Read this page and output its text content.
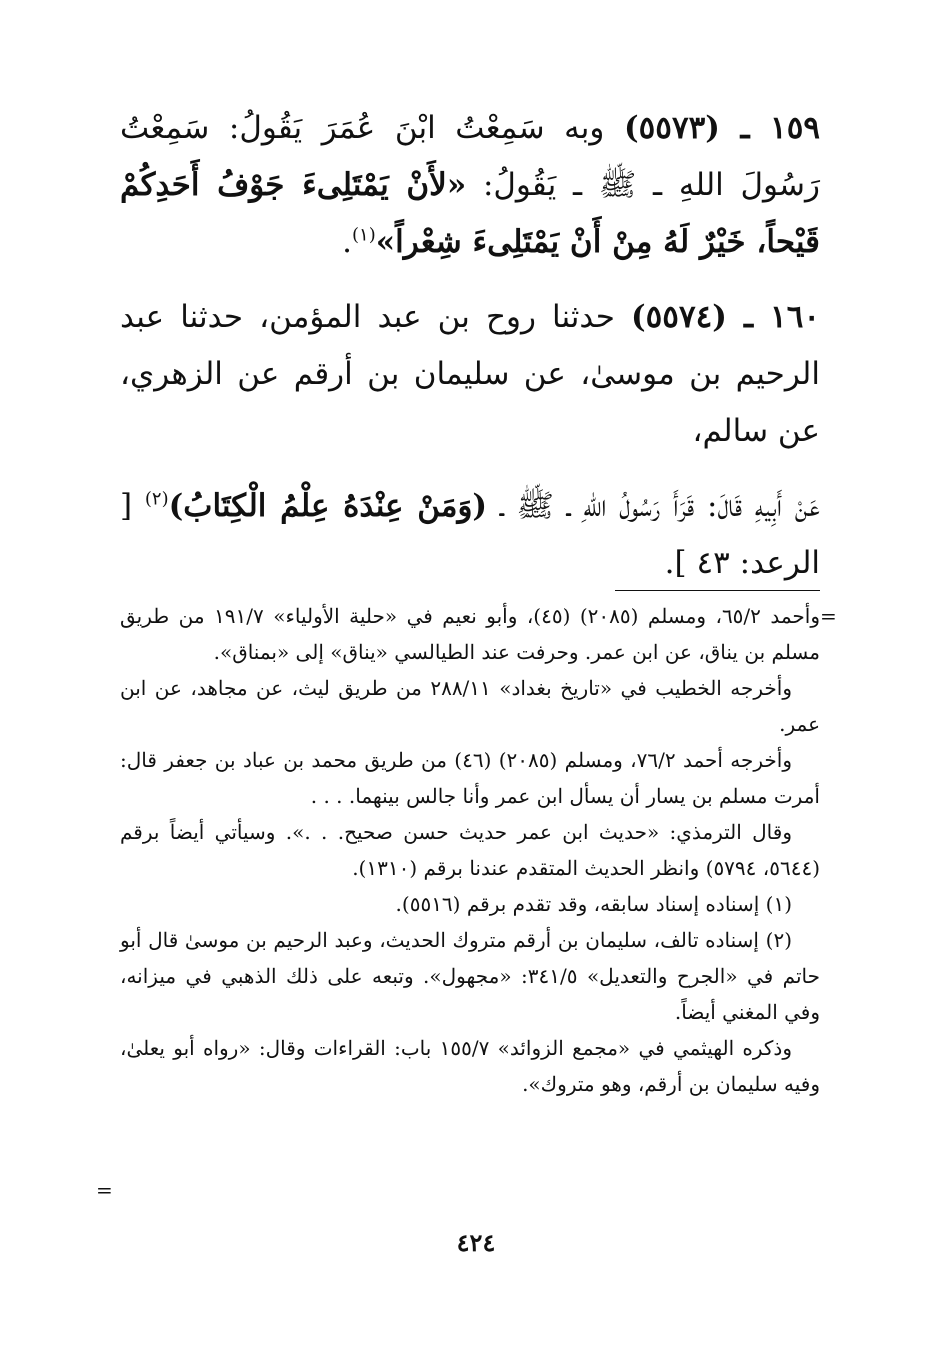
١٥٩ ـ (٥٥٧٣) وبه سَمِعْتُ ابْنَ عُمَرَ يَقُولُ: سَمِعْتُ رَسُولَ اللهِ ـ ﷺ ـ يَقُولُ: «لأَنْ يَمْتَلِىءَ جَوْفُ أَحَدِكُمْ قَيْحاً، خَيْرٌ لَهُ مِنْ أَنْ يَمْتَلِىءَ شِعْراً»$^{(١)}$.

١٦٠ ـ (٥٥٧٤) حدثنا روح بن عبد المؤمن، حدثنا عبد الرحيم بن موسىٰ، عن سليمان بن أرقم عن الزهري، عن سالم،

عَنْ أَبِيهِ قَالَ: قَرَأَ رَسُولُ اللهِ ـ ﷺ ـ (وَمَنْ عِنْدَهُ عِلْمُ الْكِتَابُ)$^{(٢)}$ [ الرعد: ٤٣ ].

=

وأحمد ٦٥/٢، ومسلم (٢٠٨٥) (٤٥)، وأبو نعيم في «حلية الأولياء» ١٩١/٧ من طريق مسلم بن يناق، عن ابن عمر. وحرفت عند الطيالسي «يناق» إلى «بمناق».

وأخرجه الخطيب في «تاريخ بغداد» ٢٨٨/١١ من طريق ليث، عن مجاهد، عن ابن عمر.

وأخرجه أحمد ٧٦/٢، ومسلم (٢٠٨٥) (٤٦) من طريق محمد بن عباد بن جعفر قال: أمرت مسلم بن يسار أن يسأل ابن عمر وأنا جالس بينهما. . . .

وقال الترمذي: «حديث ابن عمر حديث حسن صحيح. . .». وسيأتي أيضاً برقم (٥٦٤٤، ٥٧٩٤) وانظر الحديث المتقدم عندنا برقم (١٣١٠).

(١) إسناده إسناد سابقه، وقد تقدم برقم (٥٥١٦).

(٢) إسناده تالف، سليمان بن أرقم متروك الحديث، وعبد الرحيم بن موسىٰ قال أبو حاتم في «الجرح والتعديل» ٣٤١/٥: «مجهول». وتبعه على ذلك الذهبي في ميزانه، وفي المغني أيضاً.

وذكره الهيثمي في «مجمع الزوائد» ١٥٥/٧ باب: القراءات وقال: «رواه أبو يعلىٰ، وفيه سليمان بن أرقم، وهو متروك».

=
٤٢٤
